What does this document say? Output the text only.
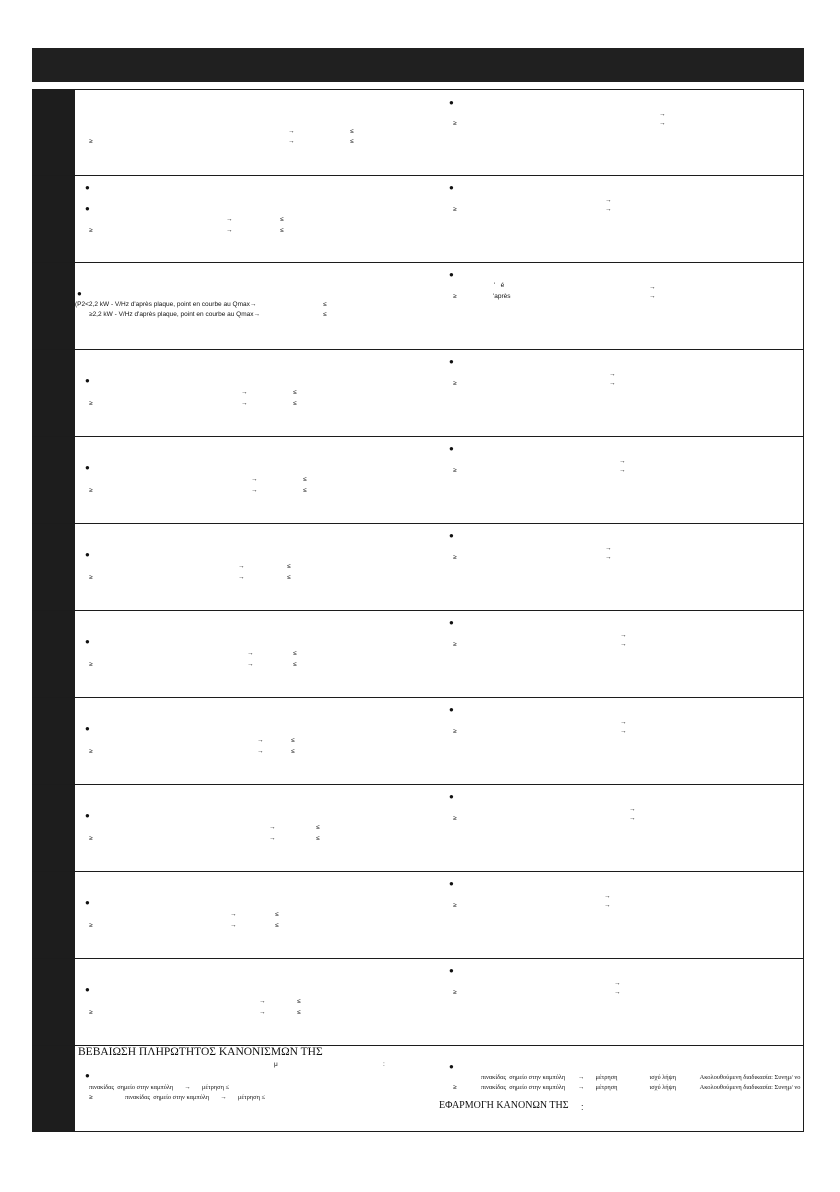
→	≤
≥	→	≤
●
→
≥	→
●
●
→	≤
≥	→	≤
●
→
≥	→
●
(P2<2,2 kW - V/Hz d'après plaque, point en courbe au Qmax→	≤
≥2,2 kW - V/Hz d'après plaque, point en courbe au Qmax→	≤
●
'   é	→
≥	'après	→
●
→	≤
≥	→	≤
●
→
≥	→
●
→	≤
≥	→	≤
●
→
≥	→
●
→	≤
≥	→	≤
●
→
≥	→
●
→	≤
≥	→	≤
●
→
≥	→
●
→	≤
≥	→	≤
●
→
≥	→
●
→	≤
≥	→	≤
●
→
≥	→
●
→	≤
≥	→	≤
●
→
≥	→
●
→	≤
≥	→	≤
●
→
≥	→
ΒΕΒΑΙΩΣΗ ΠΛΗΡΩΤΗΤΟΣ ΚΑΝΟΝΙΣΜΩΝ ΤΗΣ
μ	:
●
πινακίδας  σημείο στην καμπύλη       →       μέτρηση ≤
≥	πινακίδας  σημείο στην καμπύλη       →       μέτρηση ≤
●
πινακίδας  σημείο στην καμπύλη        →       μέτρηση                    ισχύ λήψη               Ακολουθούμενη διαδικασία: Συνημ/ νο
≥	πινακίδας  σημείο στην καμπύλη        →       μέτρηση                    ισχύ λήψη               Ακολουθούμενη διαδικασία: Συνημ/ νο
ΕΦΑΡΜΟΓΗ ΚΑΝΟΝΩΝ ΤΗΣ :
